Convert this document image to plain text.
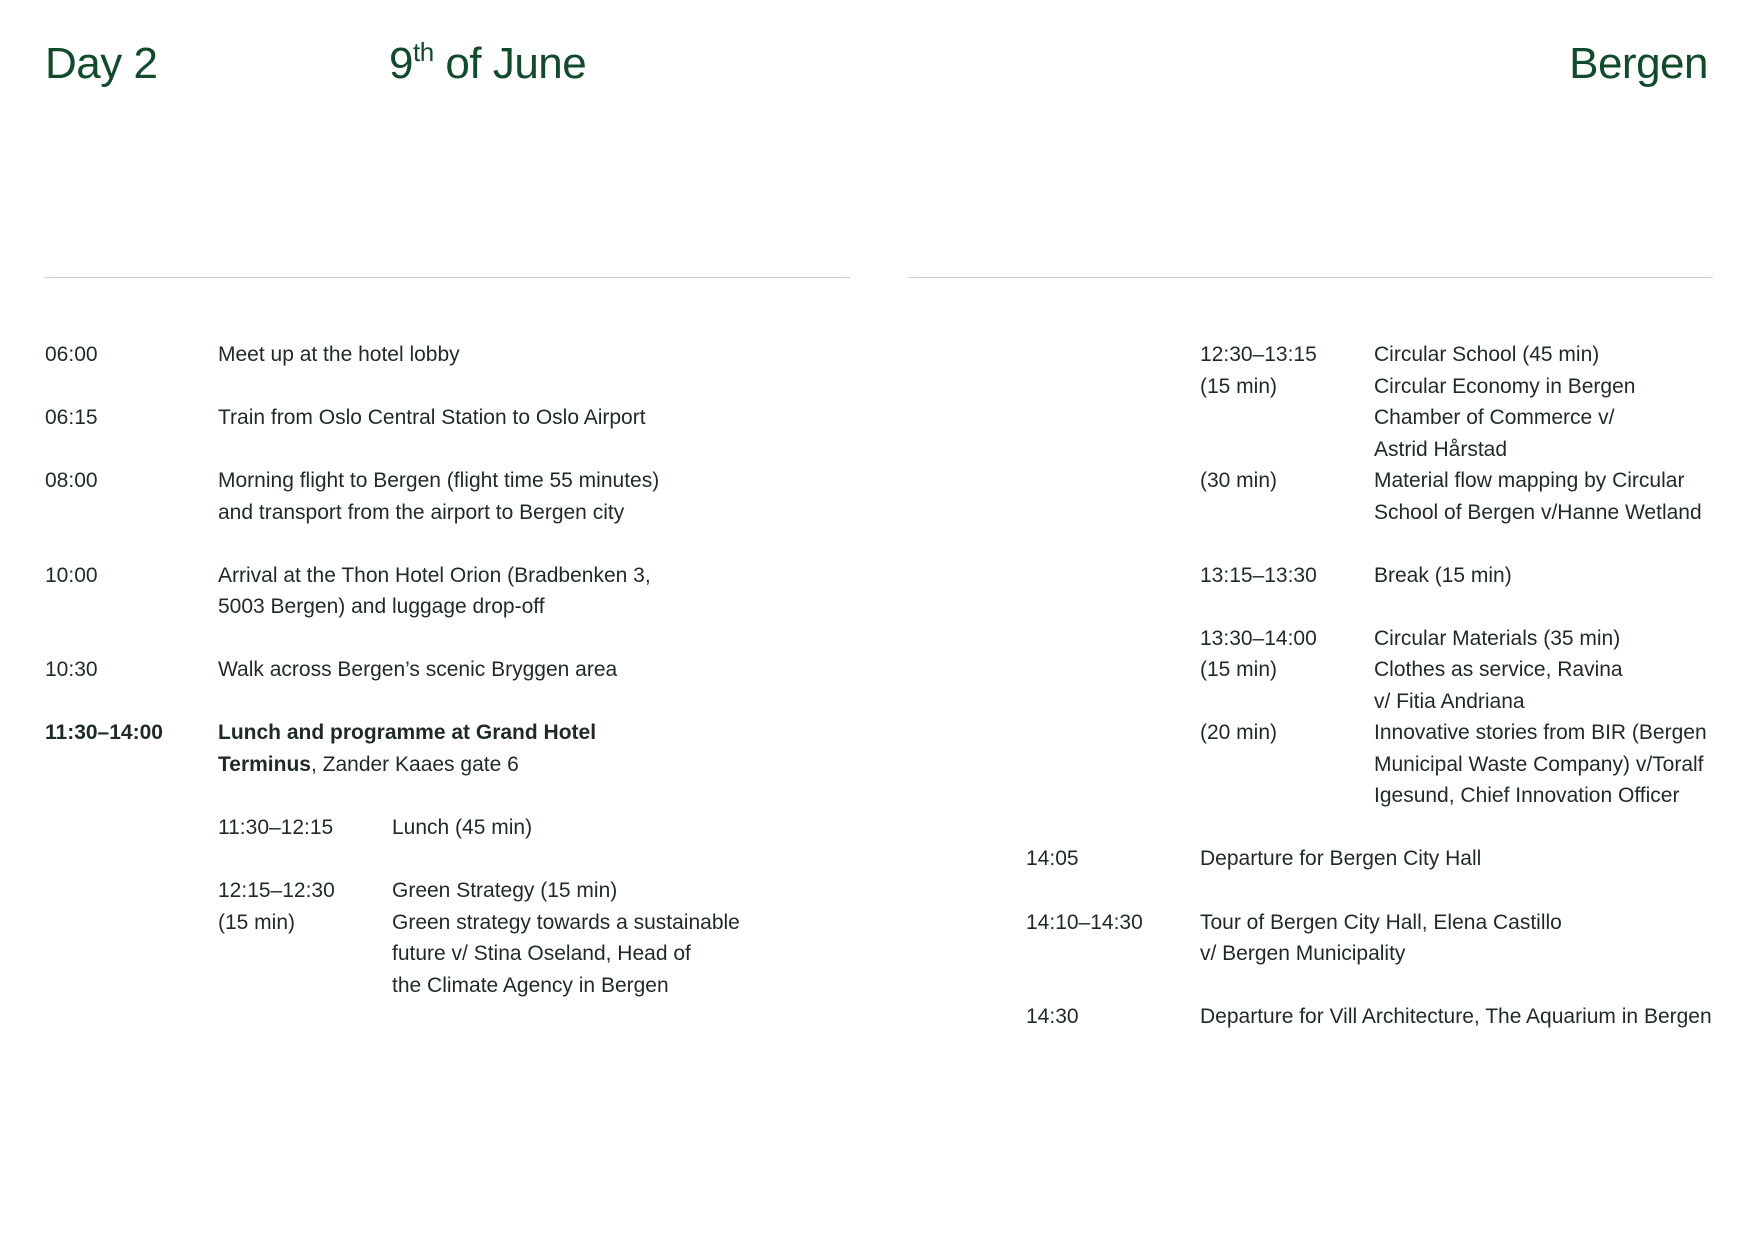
Day 2	9th of June	Bergen
06:00	Meet up at the hotel lobby
06:15	Train from Oslo Central Station to Oslo Airport
08:00	Morning flight to Bergen (flight time 55 minutes)
and transport from the airport to Bergen city
10:00	Arrival at the Thon Hotel Orion (Bradbenken 3,
5003 Bergen) and luggage drop-off
10:30	Walk across Bergen’s scenic Bryggen area
11:30–14:00	Lunch and programme at Grand Hotel
Terminus, Zander Kaaes gate 6
11:30–12:15	Lunch (45 min)
12:15–12:30	Green Strategy (15 min)
(15 min)	Green strategy towards a sustainable
future v/ Stina Oseland, Head of
the Climate Agency in Bergen
12:30–13:15	Circular School (45 min)
(15 min)	Circular Economy in Bergen
Chamber of Commerce v/
Astrid Hårstad
(30 min)	Material flow mapping by Circular
School of Bergen v/Hanne Wetland
13:15–13:30	Break (15 min)
13:30–14:00	Circular Materials (35 min)
(15 min)	Clothes as service, Ravina
v/ Fitia Andriana
(20 min)	Innovative stories from BIR (Bergen
Municipal Waste Company) v/Toralf
Igesund, Chief Innovation Officer
14:05	Departure for Bergen City Hall
14:10–14:30	Tour of Bergen City Hall, Elena Castillo
v/ Bergen Municipality
14:30	Departure for Vill Architecture, The Aquarium in Bergen
